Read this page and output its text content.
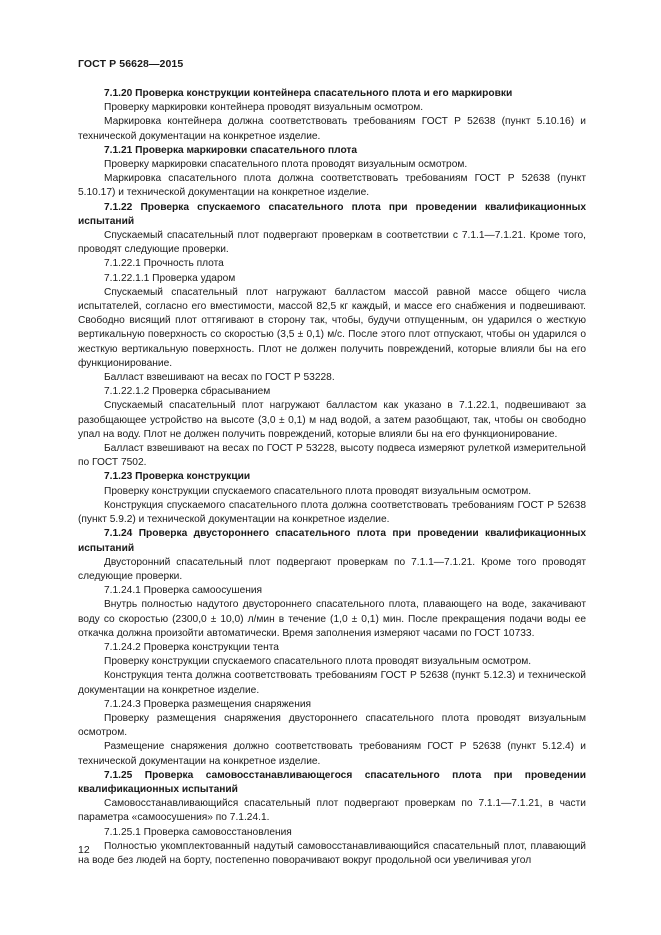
ГОСТ Р 56628—2015

7.1.20 Проверка конструкции контейнера спасательного плота и его маркировки

Проверку маркировки контейнера проводят визуальным осмотром.

Маркировка контейнера должна соответствовать требованиям ГОСТ Р 52638 (пункт 5.10.16) и технической документации на конкретное изделие.

7.1.21 Проверка маркировки спасательного плота

Проверку маркировки спасательного плота проводят визуальным осмотром.

Маркировка спасательного плота должна соответствовать требованиям ГОСТ Р 52638 (пункт 5.10.17) и технической документации на конкретное изделие.

7.1.22 Проверка спускаемого спасательного плота при проведении квалификационных испытаний

Спускаемый спасательный плот подвергают проверкам в соответствии с 7.1.1—7.1.21. Кроме того, проводят следующие проверки.

7.1.22.1 Прочность плота

7.1.22.1.1 Проверка ударом

Спускаемый спасательный плот нагружают балластом массой равной массе общего числа испытателей, согласно его вместимости, массой 82,5 кг каждый, и массе его снабжения и подвешивают. Свободно висящий плот оттягивают в сторону так, чтобы, будучи отпущенным, он ударился о жесткую вертикальную поверхность со скоростью (3,5 ± 0,1) м/с. После этого плот отпускают, чтобы он ударился о жесткую вертикальную поверхность. Плот не должен получить повреждений, которые влияли бы на его функционирование.

Балласт взвешивают на весах по ГОСТ Р 53228.

7.1.22.1.2 Проверка сбрасыванием

Спускаемый спасательный плот нагружают балластом как указано в 7.1.22.1, подвешивают за разобщающее устройство на высоте (3,0 ± 0,1) м над водой, а затем разобщают, так, чтобы он свободно упал на воду. Плот не должен получить повреждений, которые влияли бы на его функционирование.

Балласт взвешивают на весах по ГОСТ Р 53228, высоту подвеса измеряют рулеткой измерительной по ГОСТ 7502.

7.1.23 Проверка конструкции

Проверку конструкции спускаемого спасательного плота проводят визуальным осмотром.

Конструкция спускаемого спасательного плота должна соответствовать требованиям ГОСТ Р 52638 (пункт 5.9.2) и технической документации на конкретное изделие.

7.1.24 Проверка двустороннего спасательного плота при проведении квалификационных испытаний

Двусторонний спасательный плот подвергают проверкам по 7.1.1—7.1.21. Кроме того проводят следующие проверки.

7.1.24.1 Проверка самоосушения

Внутрь полностью надутого двустороннего спасательного плота, плавающего на воде, закачивают воду со скоростью (2300,0 ± 10,0) л/мин в течение (1,0 ± 0,1) мин. После прекращения подачи воды ее откачка должна произойти автоматически. Время заполнения измеряют часами по ГОСТ 10733.

7.1.24.2 Проверка конструкции тента

Проверку конструкции спускаемого спасательного плота проводят визуальным осмотром.

Конструкция тента должна соответствовать требованиям ГОСТ Р 52638 (пункт 5.12.3) и технической документации на конкретное изделие.

7.1.24.3 Проверка размещения снаряжения

Проверку размещения снаряжения двустороннего спасательного плота проводят визуальным осмотром.

Размещение снаряжения должно соответствовать требованиям ГОСТ Р 52638 (пункт 5.12.4) и технической документации на конкретное изделие.

7.1.25 Проверка самовосстанавливающегося спасательного плота при проведении квалификационных испытаний

Самовосстанавливающийся спасательный плот подвергают проверкам по 7.1.1—7.1.21, в части параметра «самоосушения» по 7.1.24.1.

7.1.25.1 Проверка самовосстановления

Полностью укомплектованный надутый самовосстанавливающийся спасательный плот, плавающий на воде без людей на борту, постепенно поворачивают вокруг продольной оси увеличивая угол

12
